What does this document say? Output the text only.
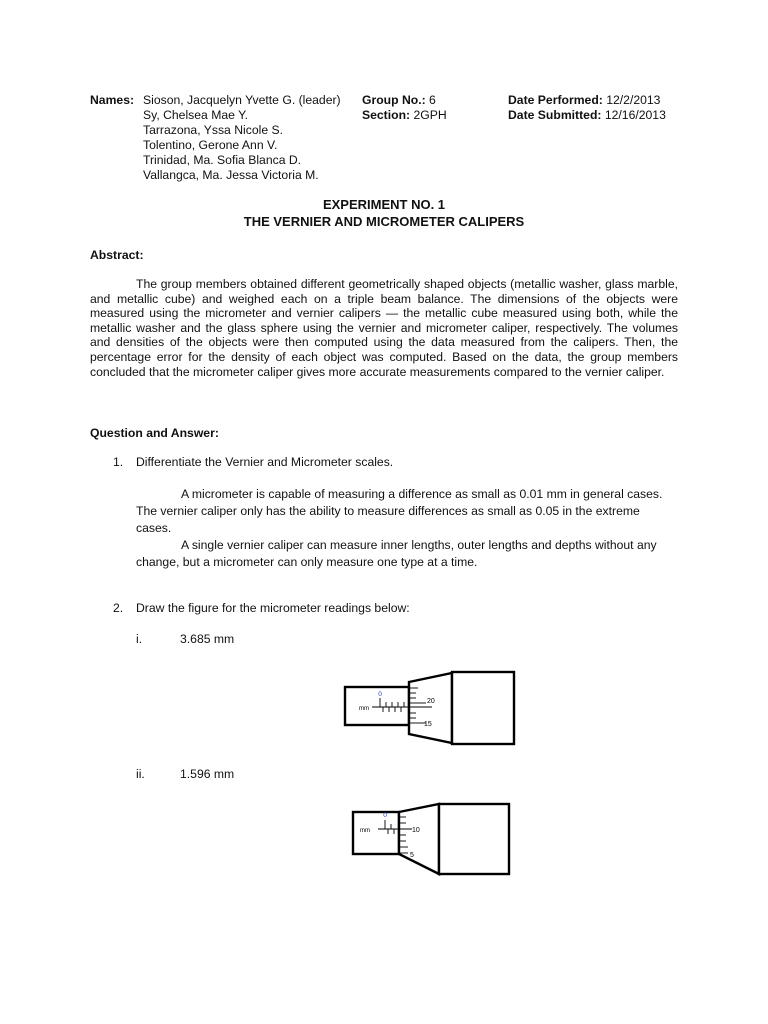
Names: Sioson, Jacquelyn Yvette G. (leader)
Sy, Chelsea Mae Y.
Tarrazona, Yssa Nicole S.
Tolentino, Gerone Ann V.
Trinidad, Ma. Sofia Blanca D.
Vallangca, Ma. Jessa Victoria M.
Group No.: 6
Section: 2GPH
Date Performed: 12/2/2013
Date Submitted: 12/16/2013
EXPERIMENT NO. 1
THE VERNIER AND MICROMETER CALIPERS
Abstract:
The group members obtained different geometrically shaped objects (metallic washer, glass marble, and metallic cube) and weighed each on a triple beam balance. The dimensions of the objects were measured using the micrometer and vernier calipers — the metallic cube measured using both, while the metallic washer and the glass sphere using the vernier and micrometer caliper, respectively. The volumes and densities of the objects were then computed using the data measured from the calipers. Then, the percentage error for the density of each object was computed. Based on the data, the group members concluded that the micrometer caliper gives more accurate measurements compared to the vernier caliper.
Question and Answer:
1. Differentiate the Vernier and Micrometer scales.

A micrometer is capable of measuring a difference as small as 0.01 mm in general cases. The vernier caliper only has the ability to measure differences as small as 0.05 in the extreme cases.

A single vernier caliper can measure inner lengths, outer lengths and depths without any change, but a micrometer can only measure one type at a time.

2. Draw the figure for the micrometer readings below:
i.	3.685 mm
ii.	1.596 mm
0
mm
20
15
0
mm	10
5
